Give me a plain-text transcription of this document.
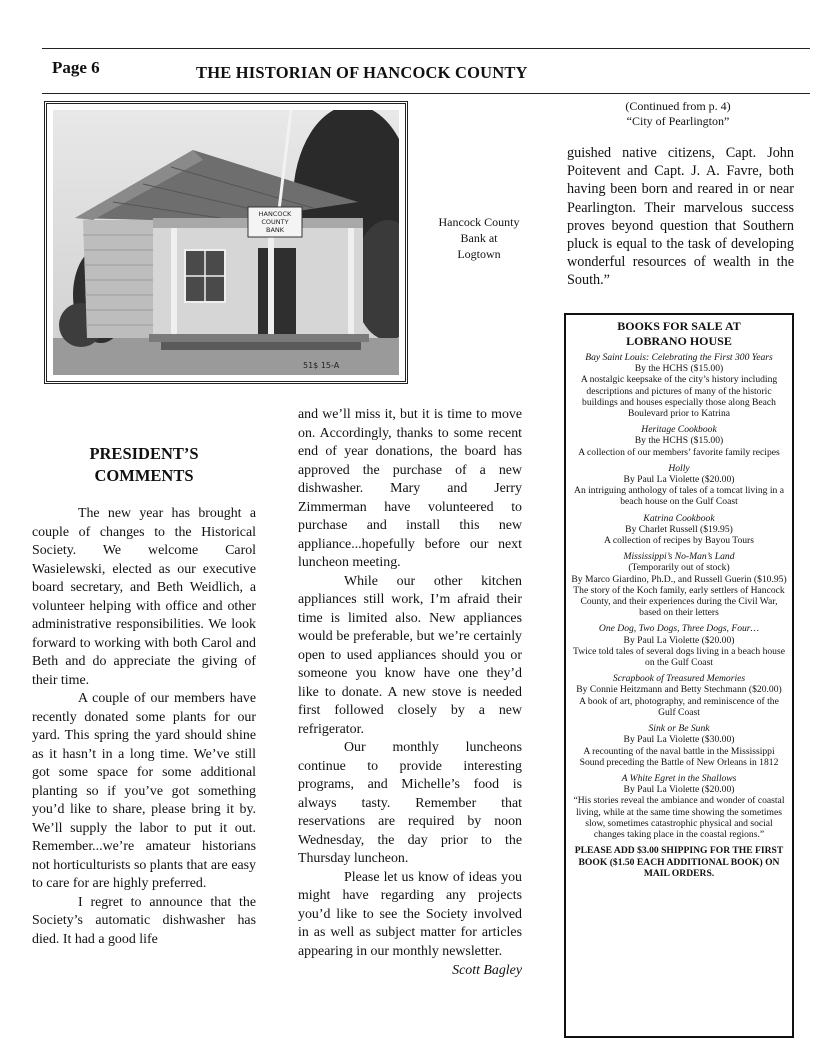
Page 6	THE HISTORIAN OF HANCOCK COUNTY
HANCOCK
COUNTY
BANK
51$ 15-A
Hancock County
Bank at
Logtown
(Continued from p. 4)
“City of Pearlington”

guished native citizens, Capt. John Poitevent and Capt. J. A. Favre, both having been born and reared in or near Pearlington. Their marvelous success proves beyond question that Southern pluck is equal to the task of developing wonderful resources of wealth in the South.”

PRESIDENT’S
COMMENTS

The new year has brought a couple of changes to the Historical Society. We welcome Carol Wasielewski, elected as our executive board secretary, and Beth Weidlich, a volunteer helping with office and other administrative responsibilities. We look forward to working with both Carol and Beth and do appreciate the giving of their time.

A couple of our members have recently donated some plants for our yard. This spring the yard should shine as it hasn’t in a long time. We’ve still got some space for some additional planting so if you’ve got something you’d like to share, please bring it by. We’ll supply the labor to put it out. Remember...we’re amateur historians not horticulturists so plants that are easy to care for are highly preferred.

I regret to announce that the Society’s automatic dishwasher has died. It had a good life

and we’ll miss it, but it is time to move on. Accordingly, thanks to some recent end of year donations, the board has approved the purchase of a new dishwasher. Mary and Jerry Zimmerman have volunteered to purchase and install this new appliance...hopefully before our next luncheon meeting.

While our other kitchen appliances still work, I’m afraid their time is limited also. New appliances would be preferable, but we’re certainly open to used appliances should you or someone you know have one they’d like to donate. A new stove is needed first followed closely by a new refrigerator.

Our monthly luncheons continue to provide interesting programs, and Michelle’s food is always tasty. Remember that reservations are required by noon Wednesday, the day prior to the Thursday luncheon.

Please let us know of ideas you might have regarding any projects you’d like to see the Society involved in as well as subject matter for articles appearing in our monthly newsletter.

Scott Bagley

BOOKS FOR SALE AT
LOBRANO HOUSE
Bay Saint Louis: Celebrating the First 300 Years
By the HCHS ($15.00)
A nostalgic keepsake of the city’s history including descriptions and pictures of many of the historic buildings and houses especially those along Beach Boulevard prior to Katrina
Heritage Cookbook
By the HCHS ($15.00)
A collection of our members’ favorite family recipes
Holly
By Paul La Violette ($20.00)
An intriguing anthology of tales of a tomcat living in a beach house on the Gulf Coast
Katrina Cookbook
By Charlet Russell ($19.95)
A collection of recipes by Bayou Tours
Mississippi’s No-Man’s Land
(Temporarily out of stock)
By Marco Giardino, Ph.D., and Russell Guerin ($10.95)
The story of the Koch family, early settlers of Hancock County, and their experiences during the Civil War, based on their letters
One Dog, Two Dogs, Three Dogs, Four…
By Paul La Violette ($20.00)
Twice told tales of several dogs living in a beach house on the Gulf Coast
Scrapbook of Treasured Memories
By Connie Heitzmann and Betty Stechmann ($20.00)
A book of art, photography, and reminiscence of the Gulf Coast
Sink or Be Sunk
By Paul La Violette ($30.00)
A recounting of the naval battle in the Mississippi Sound preceding the Battle of New Orleans in 1812
A White Egret in the Shallows
By Paul La Violette ($20.00)
“His stories reveal the ambiance and wonder of coastal living, while at the same time showing the sometimes slow, sometimes catastrophic physical and social changes taking place in the coastal regions.”
PLEASE ADD $3.00 SHIPPING FOR THE FIRST BOOK ($1.50 EACH ADDITIONAL BOOK) ON MAIL ORDERS.
